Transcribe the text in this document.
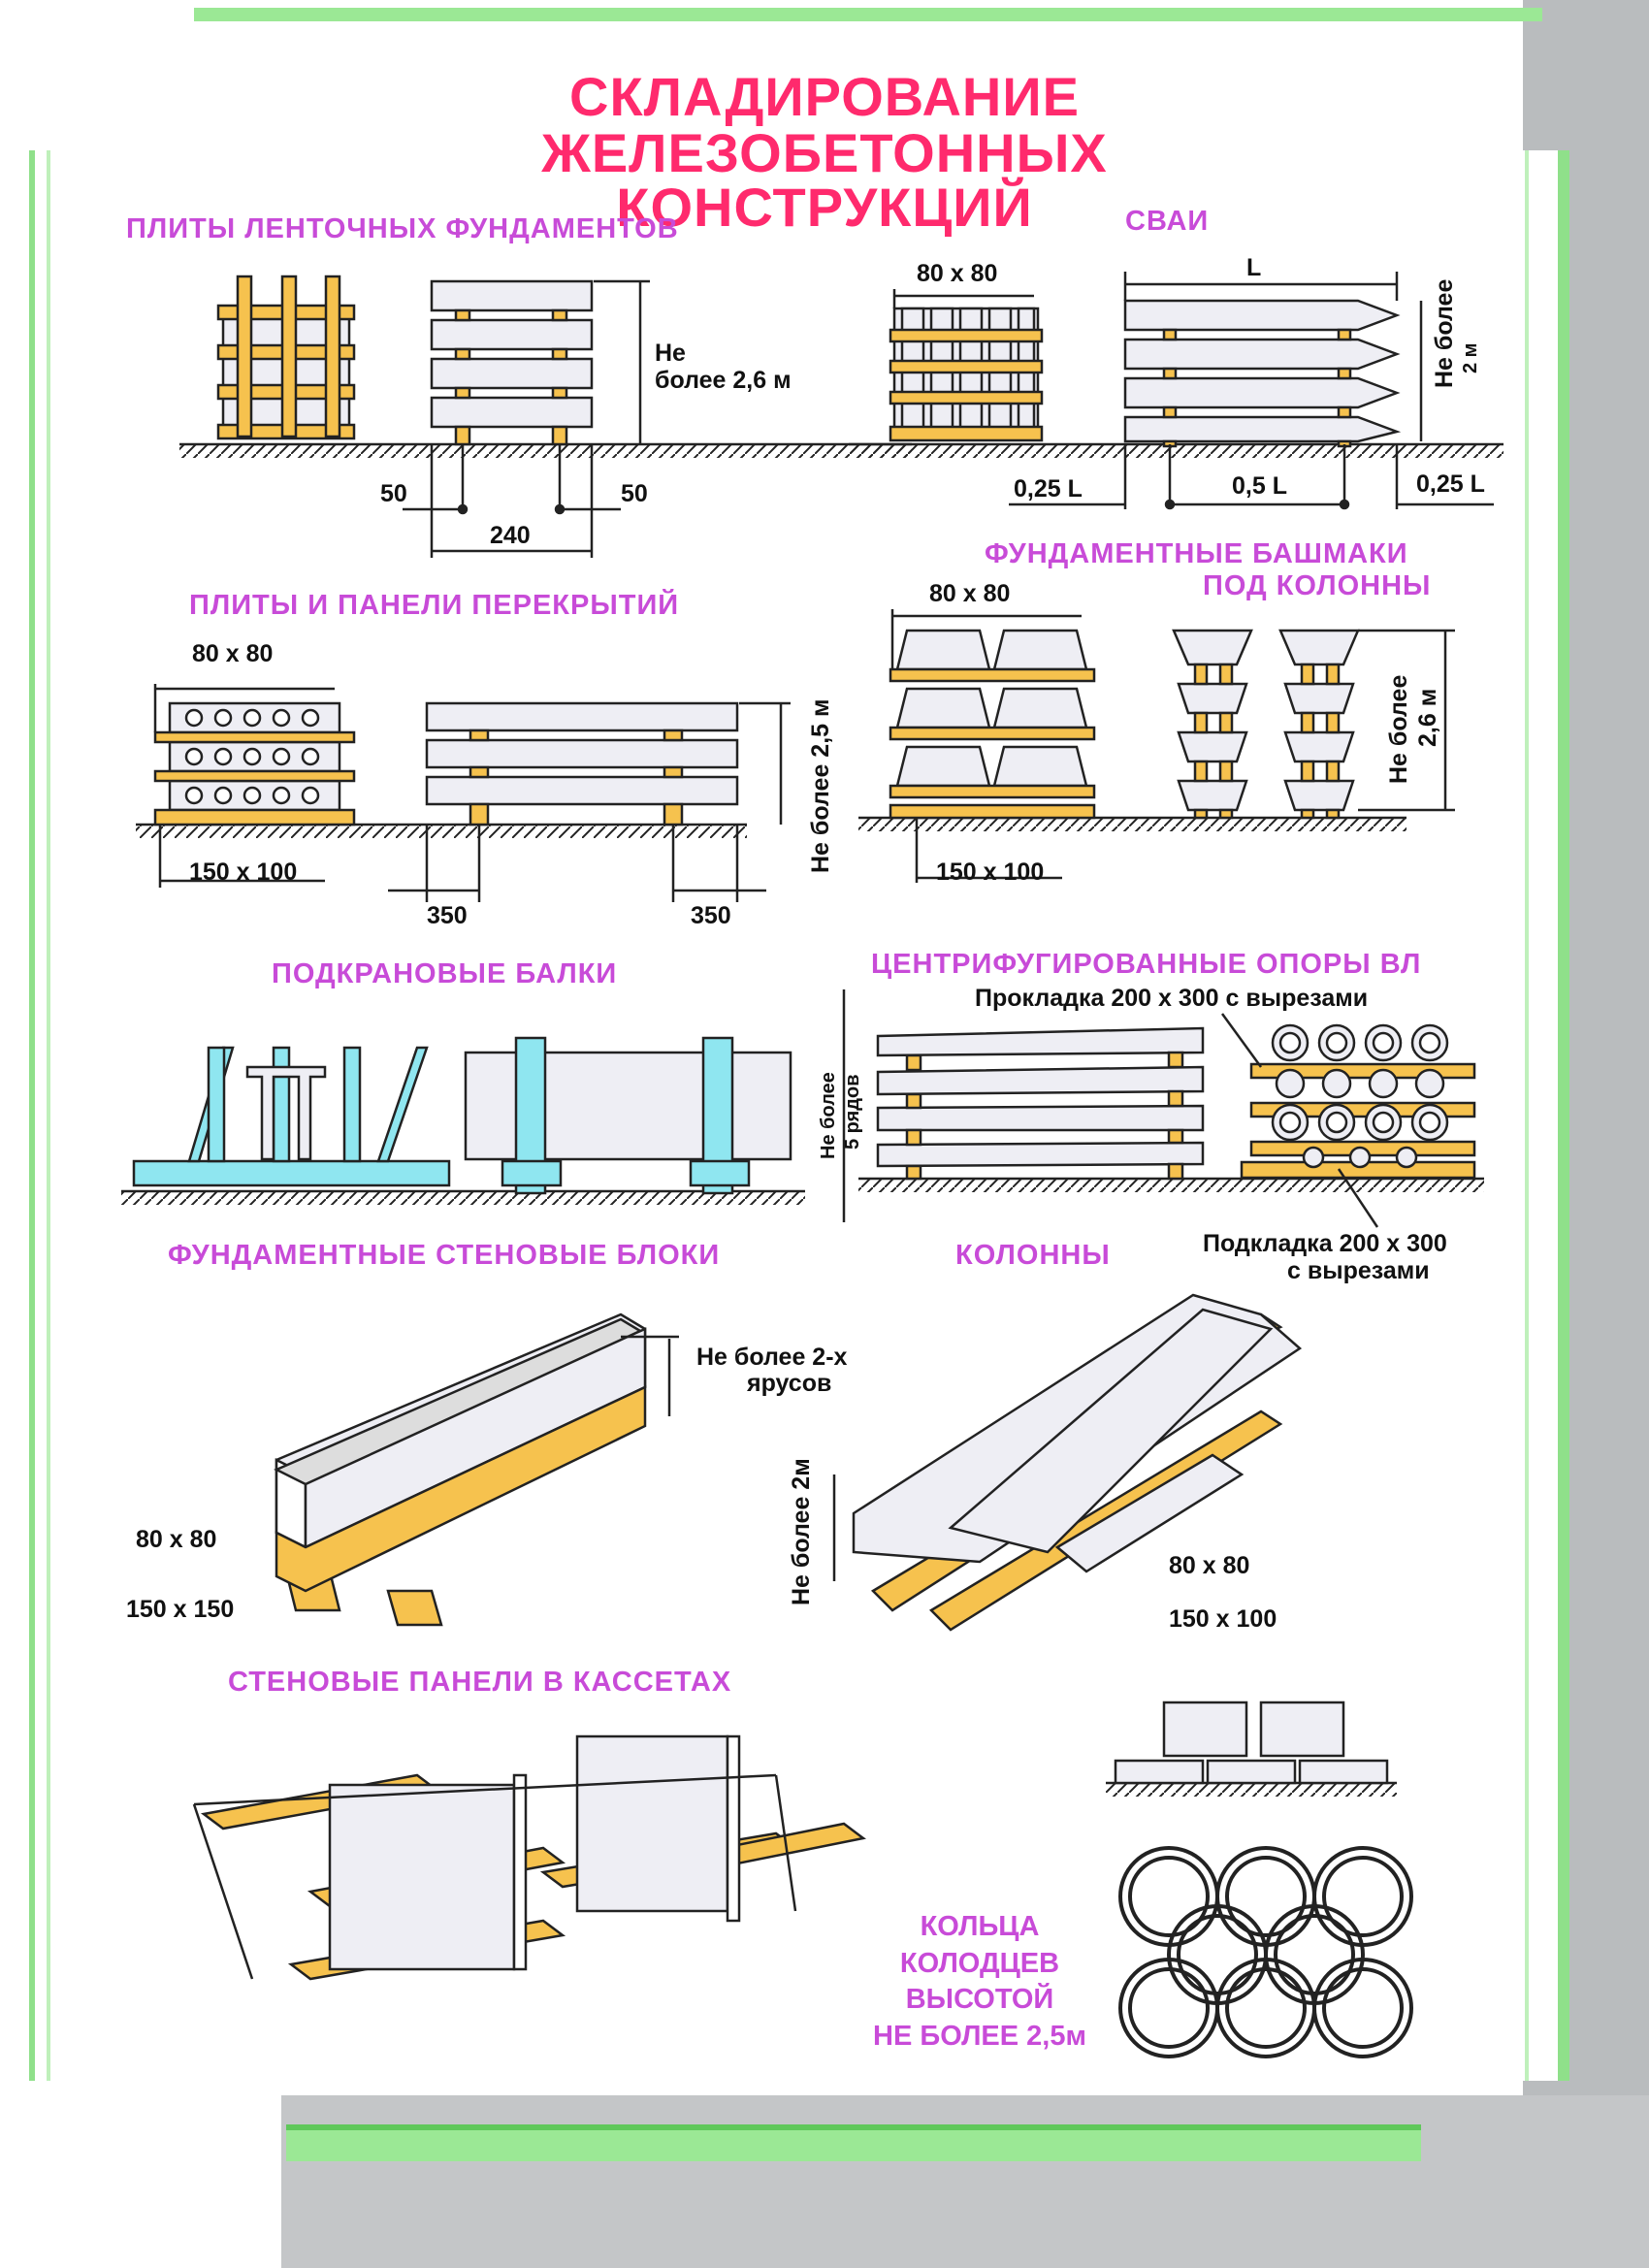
СКЛАДИРОВАНИЕ
ЖЕЛЕЗОБЕТОННЫХ КОНСТРУКЦИЙ
ПЛИТЫ ЛЕНТОЧНЫХ ФУНДАМЕНТОВ
Не
более 2,6 м
50	50
240
СВАИ
80 x 80	L
Не более 2 м
0,25 L	0,5 L	0,25 L
ПЛИТЫ И ПАНЕЛИ ПЕРЕКРЫТИЙ
80 x 80
150 x 100
350	350
Не более 2,5 м
ФУНДАМЕНТНЫЕ БАШМАКИ
ПОД КОЛОННЫ
80 x 80
150 x 100
Не более 2,6 м
ПОДКРАНОВЫЕ БАЛКИ	ЦЕНТРИФУГИРОВАННЫЕ ОПОРЫ ВЛ
Прокладка 200 x 300 с вырезами
Не более 5 рядов
Подкладка 200 x 300
с вырезами
ФУНДАМЕНТНЫЕ СТЕНОВЫЕ БЛОКИ
Не более 2-х
ярусов
80 x 80
150 x 150
КОЛОННЫ
Не более 2м	80 x 80
150 x 100
СТЕНОВЫЕ ПАНЕЛИ В КАССЕТАХ
КОЛЬЦА
КОЛОДЦЕВ
ВЫСОТОЙ
НЕ БОЛЕЕ 2,5м
